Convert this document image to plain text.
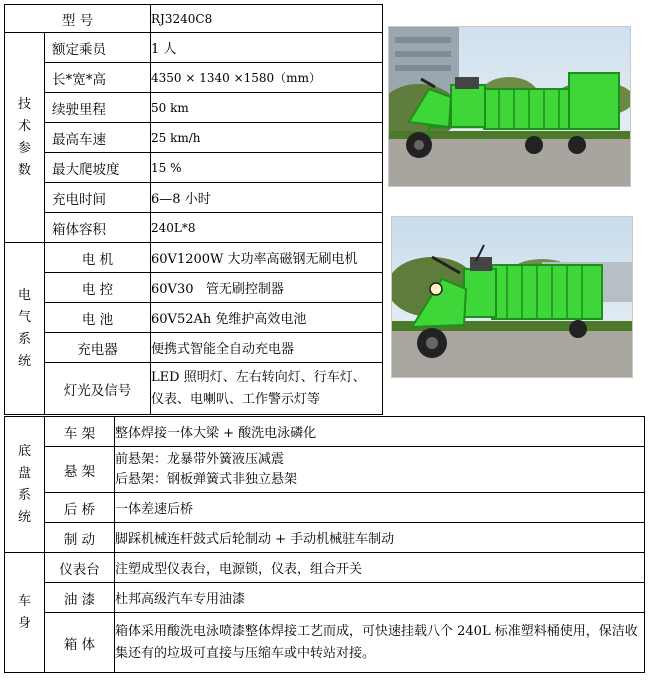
型 号		RJ3240C8

技术参数	额定乘员	1 人
	长*宽*高	4350 × 1340 ×1580（mm）
	续驶里程	50 km
	最高车速	25 km/h
	最大爬坡度	15 %
	充电时间	6—8 小时
	箱体容积	240L*8

电气系统	电 机	60V1200W 大功率高磁钢无刷电机
	电 控	60V30   管无刷控制器
	电 池	60V52Ah 免维护高效电池
	充电器	便携式智能全自动充电器
	灯光及信号	LED 照明灯、左右转向灯、行车灯、
仪表、电喇叭、工作警示灯等
底盘系统	车 架	整体焊接一体大梁 + 酸洗电泳磷化
	悬 架	前悬架：龙暴带外簧液压减震
后悬架：钢板弹簧式非独立悬架

	后 桥	一体差速后桥
	制 动	脚踩机械连杆鼓式后轮制动 + 手动机械驻车制动

车身	仪表台	注塑成型仪表台，电源锁，仪表，组合开关
	油 漆	杜邦高级汽车专用油漆
	箱 体	箱体采用酸洗电泳喷漆整体焊接工艺而成，可快速挂载八个 240L 标准塑料桶使用，保洁收集还有的垃圾可直接与压缩车或中转站对接。
